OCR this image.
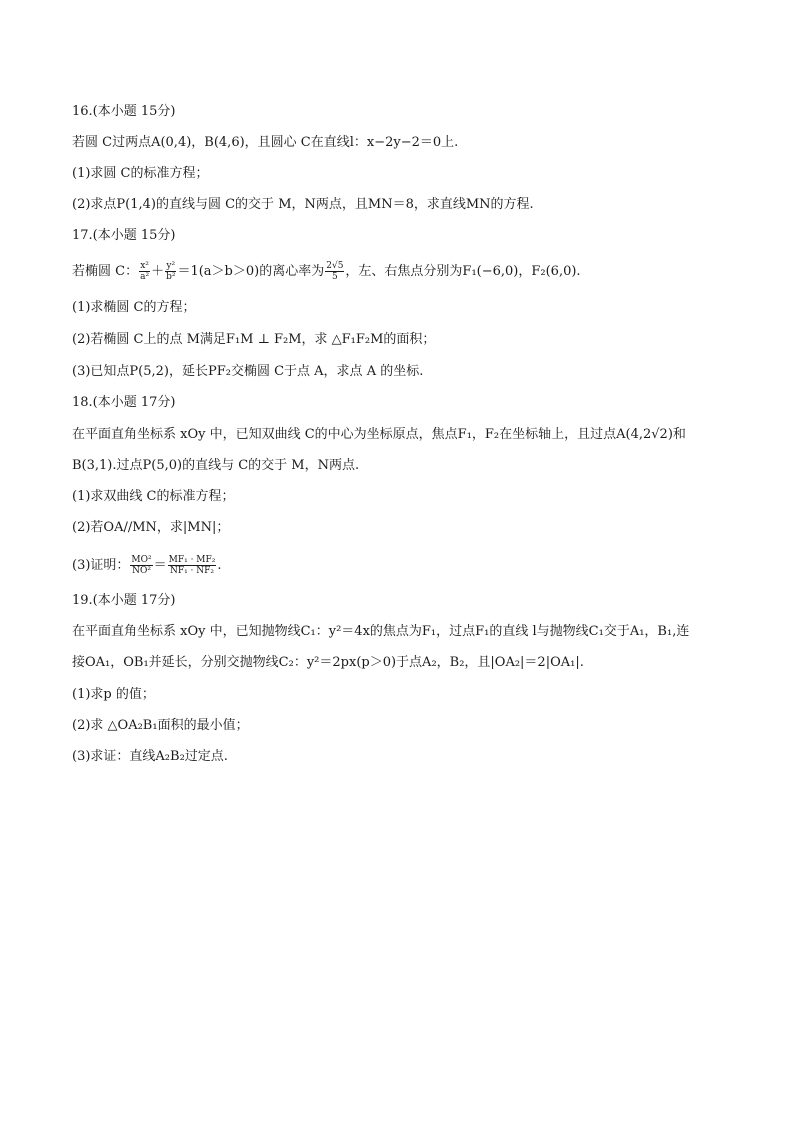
16.(本小题 15分)
若圆 C过两点A(0,4)，B(4,6)，且圆心 C在直线l：x−2y−2＝0上.
(1)求圆 C的标准方程；
(2)求点P(1,4)的直线与圆 C的交于 M，N两点，且MN＝8，求直线MN的方程.
17.(本小题 15分)
若椭圆 C： $\frac{\text{x²}}{\text{a²}} + \frac{\text{y²}}{\text{b²}} =1(a>b>0)$的离心率为 $\frac{2√5}{5}$ ，左、右焦点分别为F₁(−6,0)，F₂(6,0).
(1)求椭圆 C的方程；
(2)若椭圆 C上的点 M满足F₁M ⊥ F₂M，求 △F₁F₂M的面积；
(3)已知点P(5,2)，延长PF₂交椭圆 C于点 A，求点 A 的坐标.
18.(本小题 17分)
在平面直角坐标系 xOy 中，已知双曲线 C的中心为坐标原点，焦点F₁，F₂在坐标轴上，且过点A(4,2√2)和
B(3,1).过点P(5,0)的直线与 C的交于 M，N两点.
(1)求双曲线 C的标准方程；
(2)若OA//MN，求|MN|；
(3)证明： $\frac{\text{MO²}}{\text{NO²}} = \frac{\text{MF₁ · MF₂}}{\text{NF₁ · NF₂}}$ .
19.(本小题 17分)
在平面直角坐标系 xOy 中，已知抛物线C₁：y²＝4x的焦点为F₁，过点F₁的直线 l与抛物线C₁交于A₁，B₁,连
接OA₁，OB₁并延长，分别交抛物线C₂：y²＝2px(p＞0)于点A₂，B₂，且|OA₂|＝2|OA₁|.
(1)求p 的值；
(2)求 △OA₂B₁面积的最小值；
(3)求证：直线A₂B₂过定点.
